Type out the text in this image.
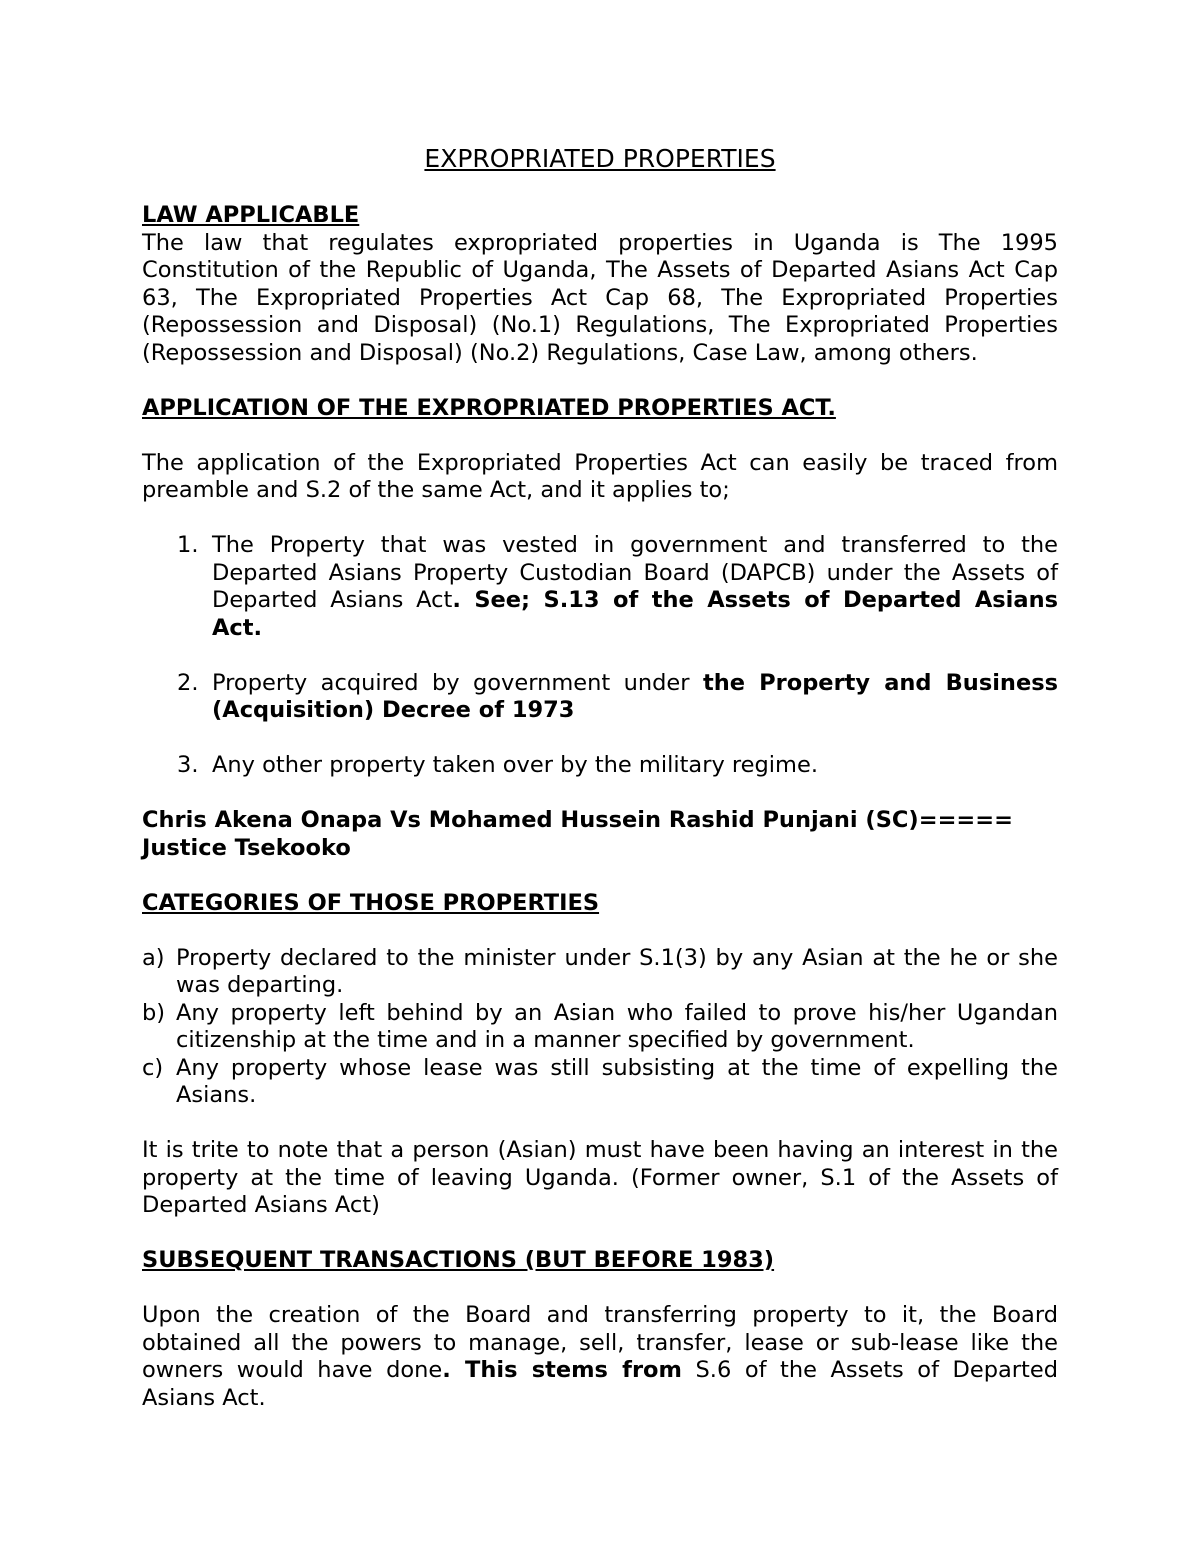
EXPROPRIATED PROPERTIES

LAW APPLICABLE

The law that regulates expropriated properties in Uganda is The 1995 Constitution of the Republic of Uganda, The Assets of Departed Asians Act Cap 63, The Expropriated Properties Act Cap 68, The Expropriated Properties (Repossession and Disposal) (No.1) Regulations, The Expropriated Properties (Repossession and Disposal) (No.2) Regulations, Case Law, among others.

APPLICATION OF THE EXPROPRIATED PROPERTIES ACT.

The application of the Expropriated Properties Act can easily be traced from preamble and S.2 of the same Act, and it applies to;

1. The Property that was vested in government and transferred to the Departed Asians Property Custodian Board (DAPCB) under the Assets of Departed Asians Act. See; S.13 of the Assets of Departed Asians Act.
2. Property acquired by government under the Property and Business (Acquisition) Decree of 1973
3. Any other property taken over by the military regime.

Chris Akena Onapa Vs Mohamed Hussein Rashid Punjani (SC)=====
Justice Tsekooko

CATEGORIES OF THOSE PROPERTIES

a) Property declared to the minister under S.1(3) by any Asian at the he or she was departing.
b) Any property left behind by an Asian who failed to prove his/her Ugandan citizenship at the time and in a manner specified by government.
c) Any property whose lease was still subsisting at the time of expelling the Asians.

It is trite to note that a person (Asian) must have been having an interest in the property at the time of leaving Uganda. (Former owner, S.1 of the Assets of Departed Asians Act)

SUBSEQUENT TRANSACTIONS (BUT BEFORE 1983)

Upon the creation of the Board and transferring property to it, the Board obtained all the powers to manage, sell, transfer, lease or sub-lease like the owners would have done. This stems from S.6 of the Assets of Departed Asians Act.
